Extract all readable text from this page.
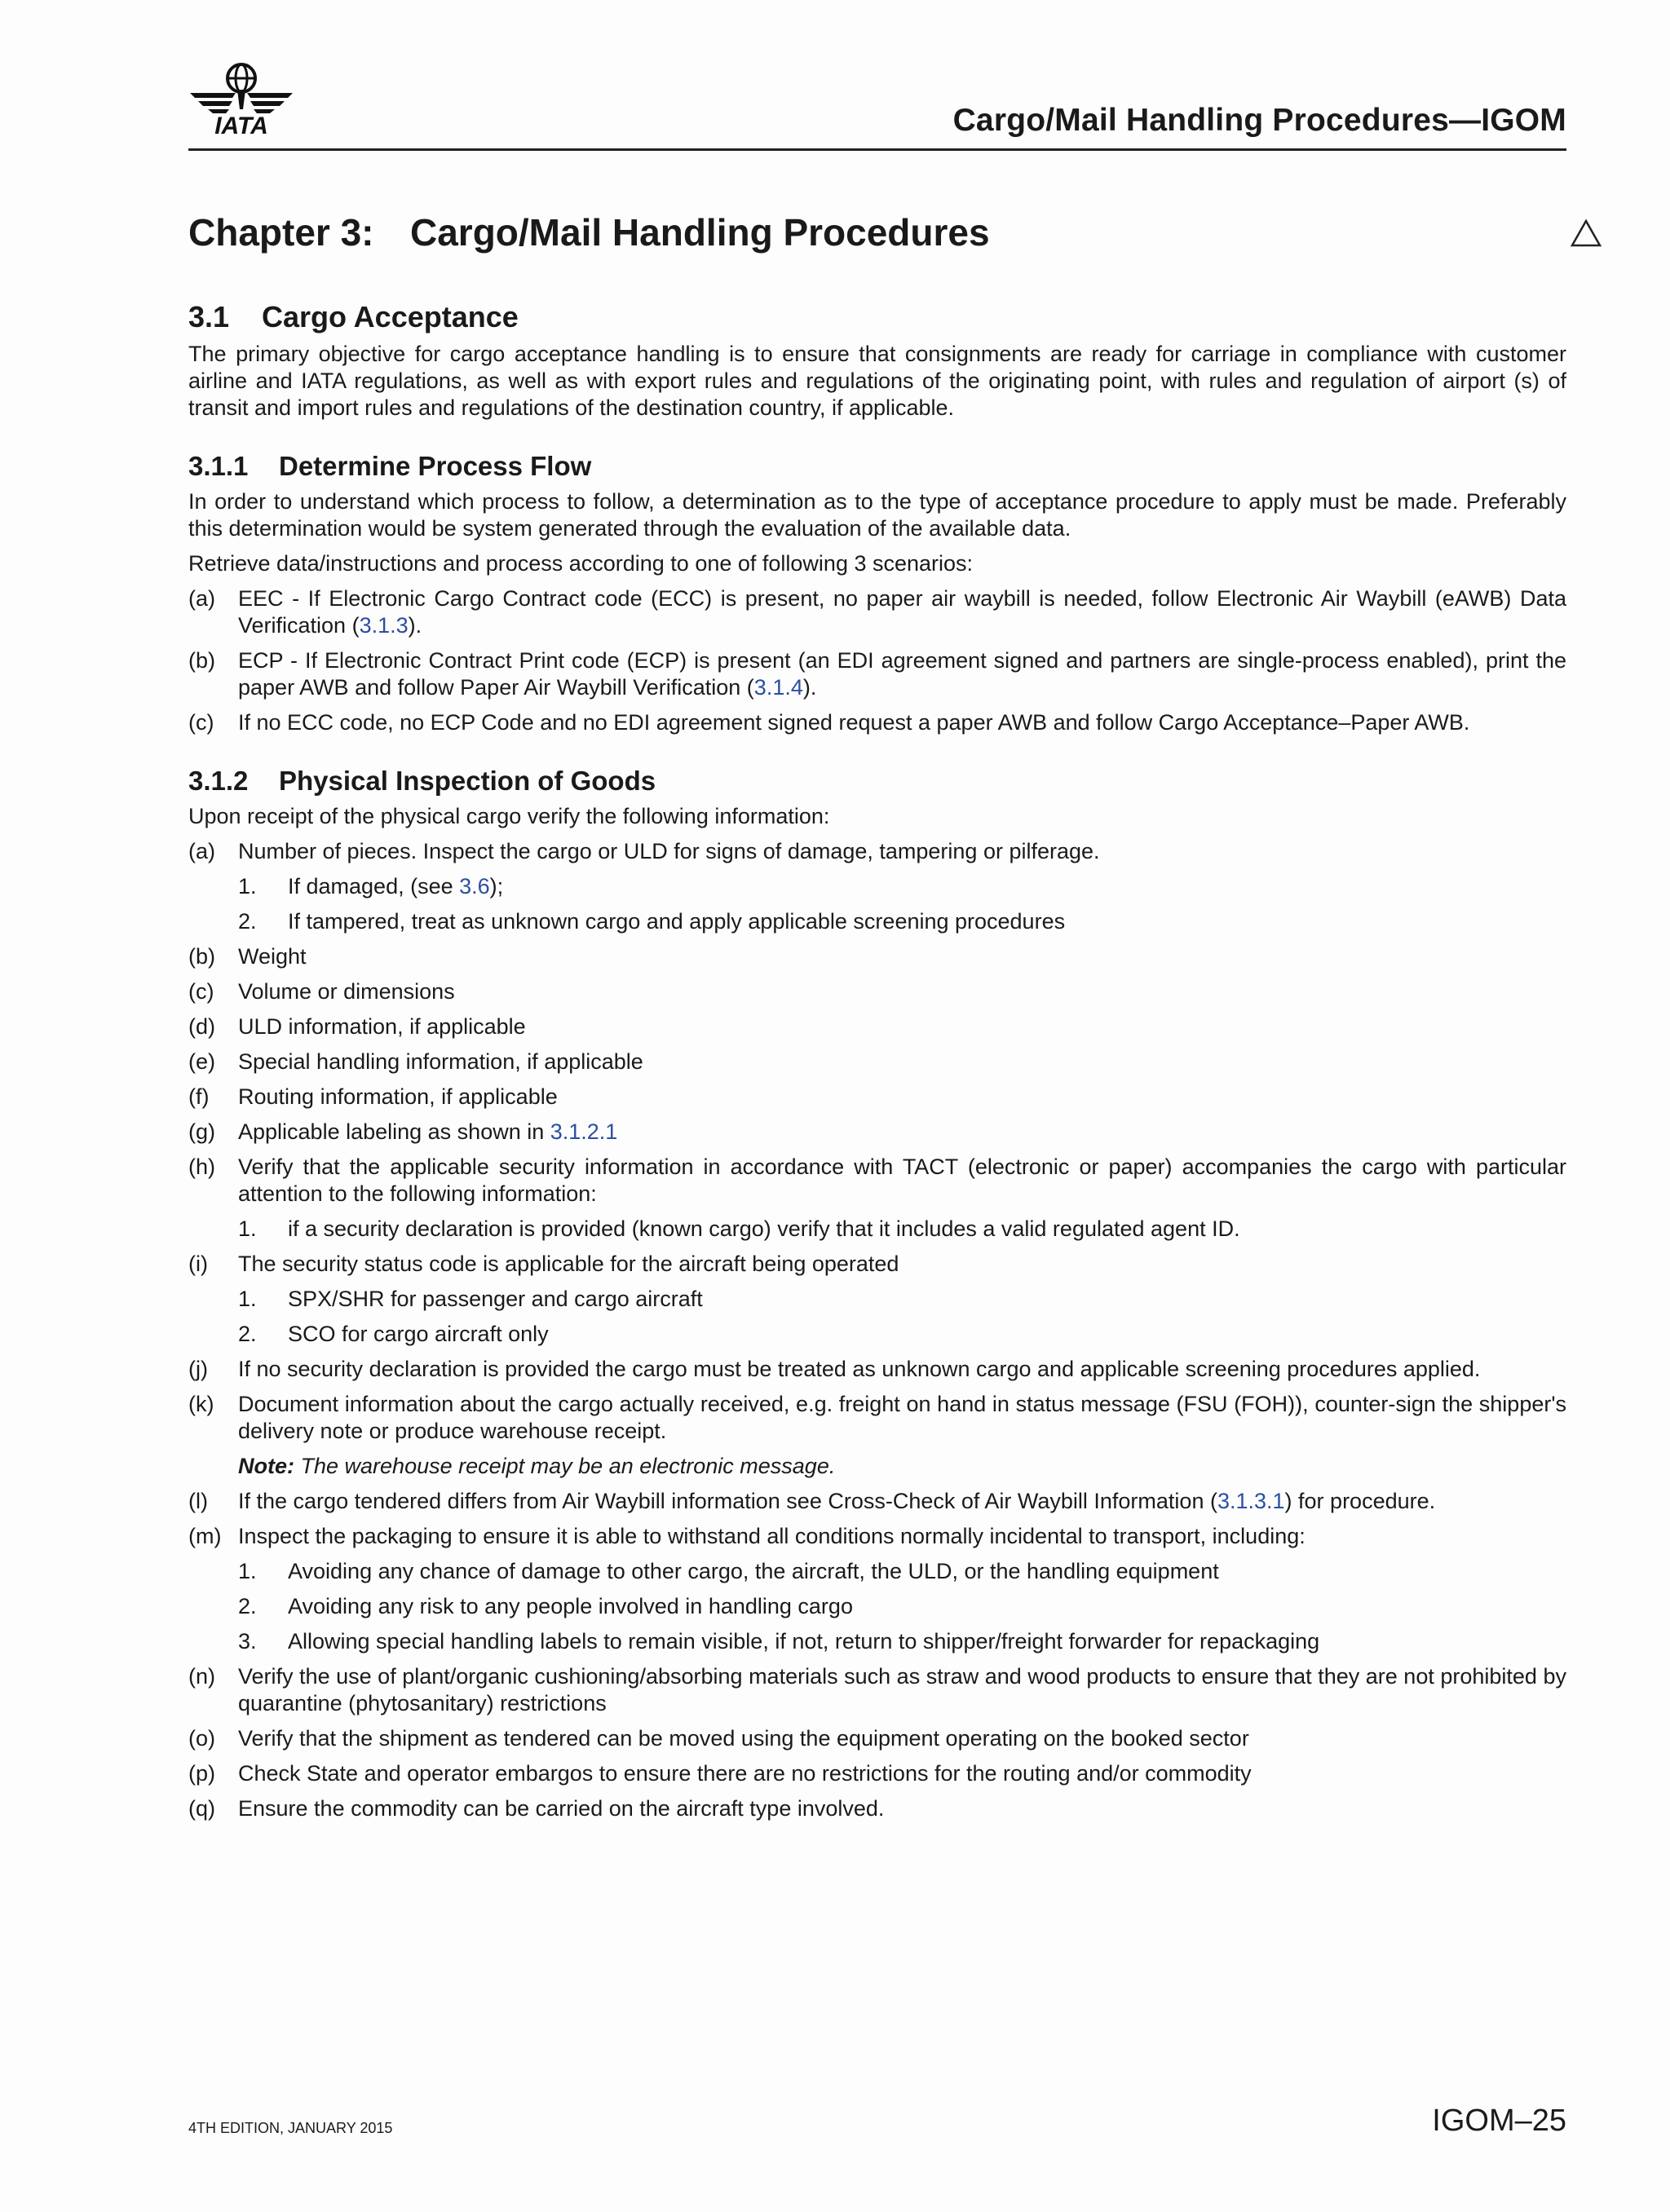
IATA	Cargo/Mail Handling Procedures—IGOM
Chapter 3: Cargo/Mail Handling Procedures
3.1 Cargo Acceptance

The primary objective for cargo acceptance handling is to ensure that consignments are ready for carriage in compliance with customer airline and IATA regulations, as well as with export rules and regulations of the originating point, with rules and regulation of airport (s) of transit and import rules and regulations of the destination country, if applicable.

3.1.1 Determine Process Flow

In order to understand which process to follow, a determination as to the type of acceptance procedure to apply must be made. Preferably this determination would be system generated through the evaluation of the available data.

Retrieve data/instructions and process according to one of following 3 scenarios:

(a) EEC - If Electronic Cargo Contract code (ECC) is present, no paper air waybill is needed, follow Electronic Air Waybill (eAWB) Data Verification (3.1.3).
(b) ECP - If Electronic Contract Print code (ECP) is present (an EDI agreement signed and partners are single-process enabled), print the paper AWB and follow Paper Air Waybill Verification (3.1.4).
(c) If no ECC code, no ECP Code and no EDI agreement signed request a paper AWB and follow Cargo Acceptance–Paper AWB.
3.1.2 Physical Inspection of Goods

Upon receipt of the physical cargo verify the following information:

(a) Number of pieces. Inspect the cargo or ULD for signs of damage, tampering or pilferage.
1. If damaged, (see 3.6);
2. If tampered, treat as unknown cargo and apply applicable screening procedures
(b) Weight
(c) Volume or dimensions
(d) ULD information, if applicable
(e) Special handling information, if applicable
(f) Routing information, if applicable
(g) Applicable labeling as shown in 3.1.2.1
(h) Verify that the applicable security information in accordance with TACT (electronic or paper) accompanies the cargo with particular attention to the following information:
1. if a security declaration is provided (known cargo) verify that it includes a valid regulated agent ID.
(i) The security status code is applicable for the aircraft being operated
1. SPX/SHR for passenger and cargo aircraft
2. SCO for cargo aircraft only
(j) If no security declaration is provided the cargo must be treated as unknown cargo and applicable screening procedures applied.
(k) Document information about the cargo actually received, e.g. freight on hand in status message (FSU (FOH)), counter-sign the shipper's delivery note or produce warehouse receipt.
Note: The warehouse receipt may be an electronic message.
(l) If the cargo tendered differs from Air Waybill information see Cross-Check of Air Waybill Information (3.1.3.1) for procedure.
(m) Inspect the packaging to ensure it is able to withstand all conditions normally incidental to transport, including:
1. Avoiding any chance of damage to other cargo, the aircraft, the ULD, or the handling equipment
2. Avoiding any risk to any people involved in handling cargo
3. Allowing special handling labels to remain visible, if not, return to shipper/freight forwarder for repackaging
(n) Verify the use of plant/organic cushioning/absorbing materials such as straw and wood products to ensure that they are not prohibited by quarantine (phytosanitary) restrictions
(o) Verify that the shipment as tendered can be moved using the equipment operating on the booked sector
(p) Check State and operator embargos to ensure there are no restrictions for the routing and/or commodity
(q) Ensure the commodity can be carried on the aircraft type involved.
4TH EDITION, JANUARY 2015	IGOM–25
